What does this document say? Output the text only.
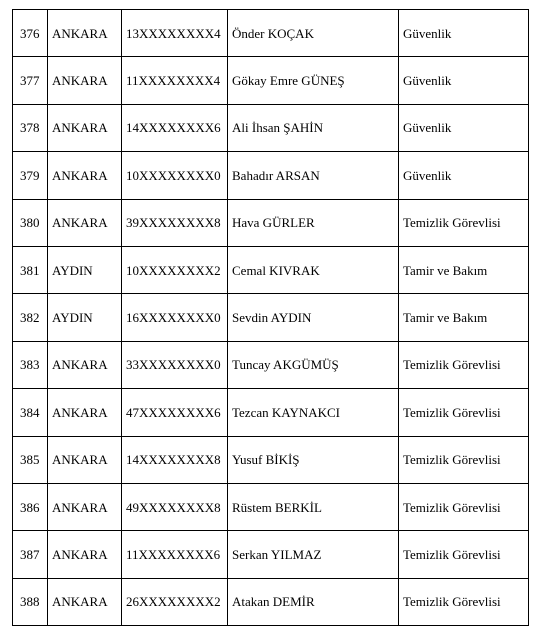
376	ANKARA	13XXXXXXXX4	Önder KOÇAK	Güvenlik
377	ANKARA	11XXXXXXXX4	Gökay Emre GÜNEŞ	Güvenlik
378	ANKARA	14XXXXXXXX6	Ali İhsan ŞAHİN	Güvenlik
379	ANKARA	10XXXXXXXX0	Bahadır ARSAN	Güvenlik
380	ANKARA	39XXXXXXXX8	Hava GÜRLER	Temizlik Görevlisi
381	AYDIN	10XXXXXXXX2	Cemal KIVRAK	Tamir ve Bakım
382	AYDIN	16XXXXXXXX0	Sevdin AYDIN	Tamir ve Bakım
383	ANKARA	33XXXXXXXX0	Tuncay AKGÜMÜŞ	Temizlik Görevlisi
384	ANKARA	47XXXXXXXX6	Tezcan KAYNAKCI	Temizlik Görevlisi
385	ANKARA	14XXXXXXXX8	Yusuf BİKİŞ	Temizlik Görevlisi
386	ANKARA	49XXXXXXXX8	Rüstem BERKİL	Temizlik Görevlisi
387	ANKARA	11XXXXXXXX6	Serkan YILMAZ	Temizlik Görevlisi
388	ANKARA	26XXXXXXXX2	Atakan DEMİR	Temizlik Görevlisi
